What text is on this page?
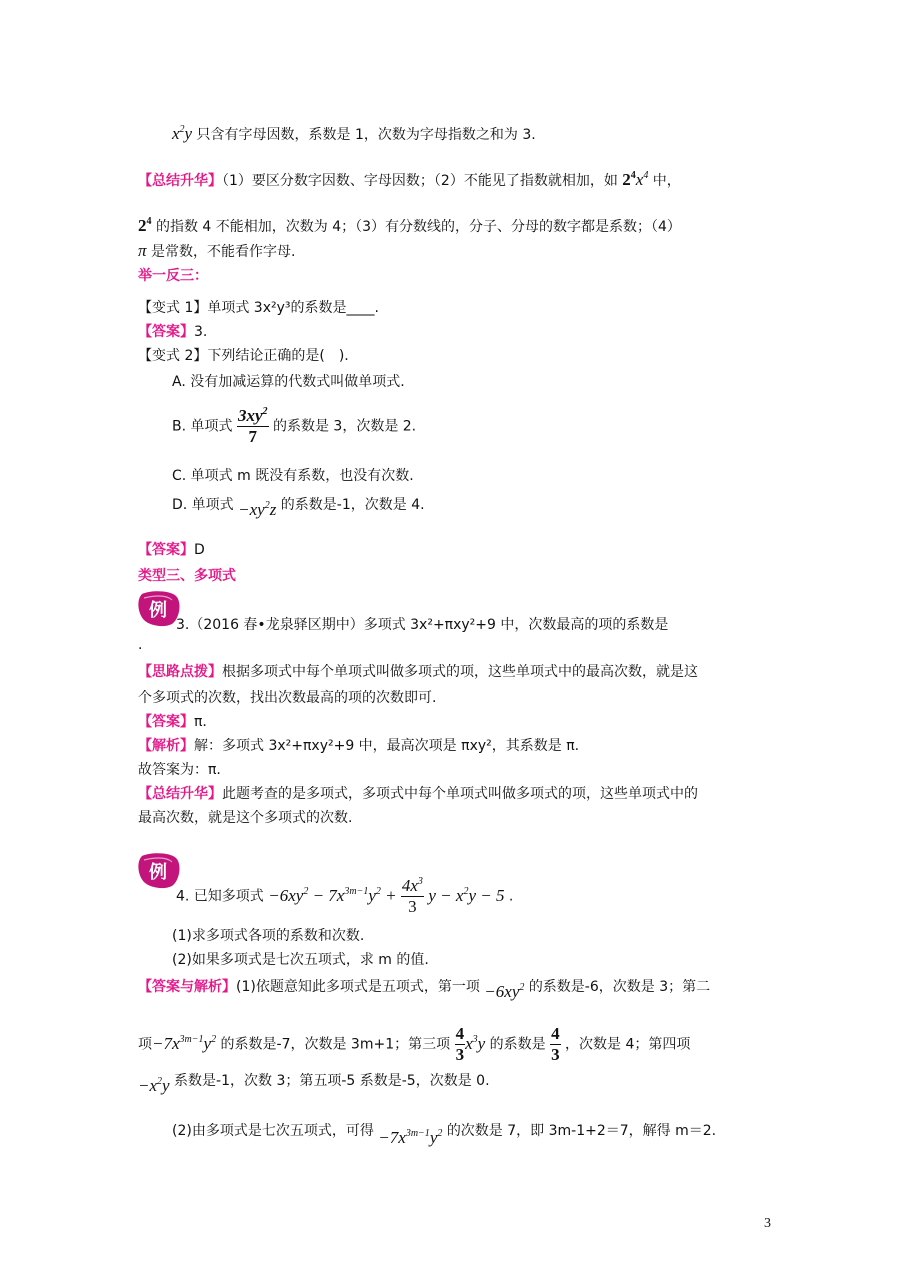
$x^2y$ 只含有字母因数，系数是 1，次数为字母指数之和为 3.
【总结升华】（1）要区分数字因数、字母因数；（2）不能见了指数就相加，如 $2^4x^4$ 中，
$2^4$ 的指数 4 不能相加，次数为 4；（3）有分数线的，分子、分母的数字都是系数；（4）
π 是常数，不能看作字母.
举一反三：
【变式 1】单项式 3x²y³的系数是____.
【答案】3.
【变式 2】下列结论正确的是(　).
A. 没有加减运算的代数式叫做单项式.
B. 单项式 $\frac{3xy^2}{7}$ 的系数是 3，次数是 2.
C. 单项式 m 既没有系数，也没有次数.
D. 单项式 $-xy^2z$ 的系数是-1，次数是 4.
【答案】D
类型三、多项式
例
3.（2016 春•龙泉驿区期中）多项式 3x²+πxy²+9 中，次数最高的项的系数是
.
【思路点拨】根据多项式中每个单项式叫做多项式的项，这些单项式中的最高次数，就是这
个多项式的次数，找出次数最高的项的次数即可.
【答案】π.
【解析】解：多项式 3x²+πxy²+9 中，最高次项是 πxy²，其系数是 π.
故答案为：π.
【总结升华】此题考查的是多项式，多项式中每个单项式叫做多项式的项，这些单项式中的
最高次数，就是这个多项式的次数.
例
4. 已知多项式 $-6xy^2 - 7x^{3m-1}y^2 + \frac{4x^3}{3}$ $y - x^2y - 5$ .
(1)求多项式各项的系数和次数.
(2)如果多项式是七次五项式，求 m 的值.
【答案与解析】(1)依题意知此多项式是五项式，第一项 $-6xy^2$ 的系数是-6，次数是 3；第二
项$-7x^{3m-1}y^2$ 的系数是-7，次数是 3m+1；第三项 $\frac{4}{3} x^3y$ 的系数是 $\frac{4}{3}$ ，次数是 4；第四项
$-x^2y$ 系数是-1，次数 3；第五项-5 系数是-5，次数是 0.
(2)由多项式是七次五项式，可得 $-7x^{3m-1}y^2$ 的次数是 7，即 3m-1+2＝7，解得 m＝2.
3
